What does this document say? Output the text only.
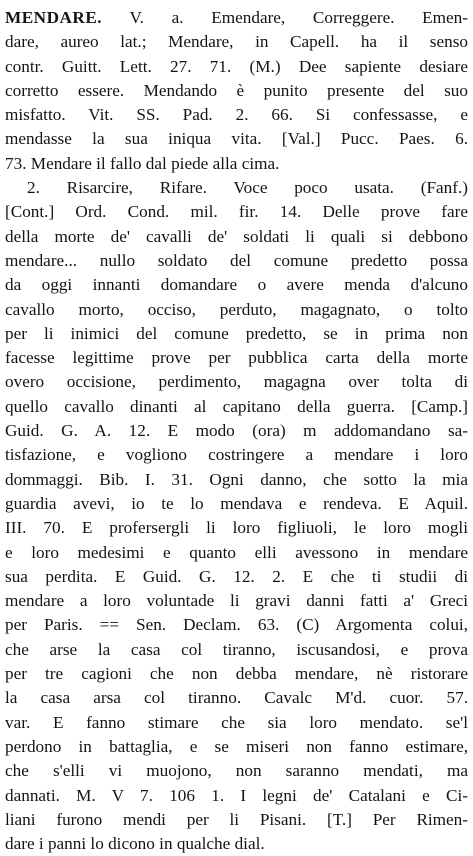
MENDARE. V. a. Emendare, Correggere. Emen-
dare, aureo lat.; Mendare, in Capell. ha il senso
contr. Guitt. Lett. 27. 71. (M.) Dee sapiente desiare
corretto essere. Mendando è punito presente del suo
misfatto. Vit. SS. Pad. 2. 66. Si confessasse, e
mendasse la sua iniqua vita. [Val.] Pucc. Paes. 6.
73. Mendare il fallo dal piede alla cima.
2. Risarcire, Rifare. Voce poco usata. (Fanf.)
[Cont.] Ord. Cond. mil. fir. 14. Delle prove fare
della morte de' cavalli de' soldati li quali si debbono
mendare... nullo soldato del comune predetto possa
da oggi innanti domandare o avere menda d'alcuno
cavallo morto, occiso, perduto, magagnato, o tolto
per li inimici del comune predetto, se in prima non
facesse legittime prove per pubblica carta della morte
overo occisione, perdimento, magagna over tolta di
quello cavallo dinanti al capitano della guerra. [Camp.]
Guid. G. A. 12. E modo (ora) m addomandano sa-
tisfazione, e vogliono costringere a mendare i loro
dommaggi. Bib. I. 31. Ogni danno, che sotto la mia
guardia avevi, io te lo mendava e rendeva. E Aquil.
III. 70. E profersergli li loro figliuoli, le loro mogli
e loro medesimi e quanto elli avessono in mendare
sua perdita. E Guid. G. 12. 2. E che ti studii di
mendare a loro voluntade li gravi danni fatti a' Greci
per Paris. == Sen. Declam. 63. (C) Argomenta colui,
che arse la casa col tiranno, iscusandosi, e prova
per tre cagioni che non debba mendare, nè ristorare
la casa arsa col tiranno. Cavalc M'd. cuor. 57.
var. E fanno stimare che sia loro mendato. se'l
perdono in battaglia, e se miseri non fanno estimare,
che s'elli vi muojono, non saranno mendati, ma
dannati. M. V 7. 106 1. I legni de' Catalani e Ci-
liani furono mendi per li Pisani. [T.] Per Rimen-
dare i panni lo dicono in qualche dial.
